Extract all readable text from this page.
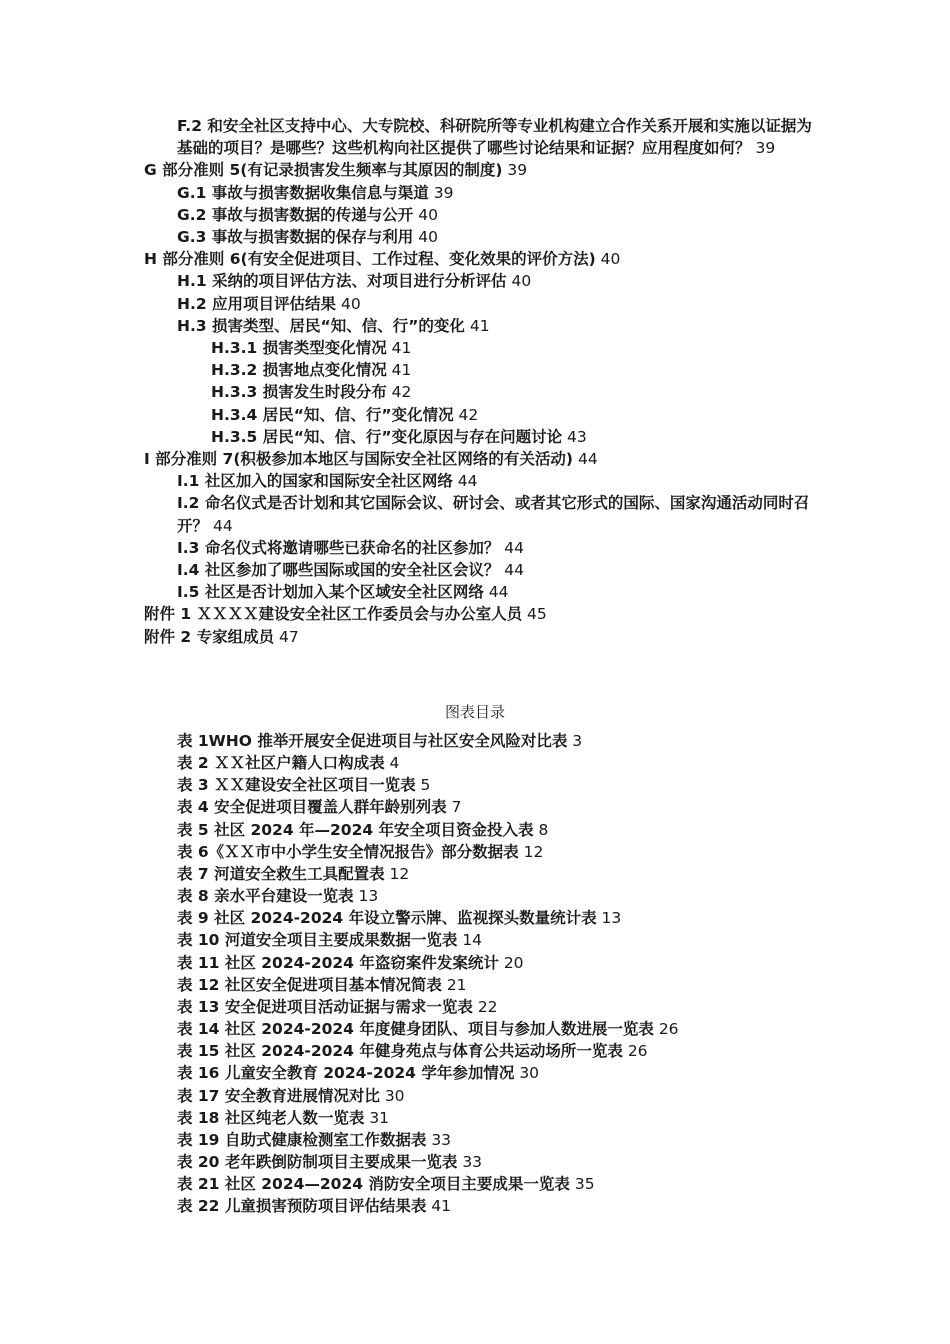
F.2 和安全社区支持中心、大专院校、科研院所等专业机构建立合作关系开展和实施以证据为基础的项目？是哪些？这些机构向社区提供了哪些讨论结果和证据？应用程度如何？ 39
G 部分准则 5(有记录损害发生频率与其原因的制度) 39
G.1 事故与损害数据收集信息与渠道 39
G.2 事故与损害数据的传递与公开 40
G.3 事故与损害数据的保存与利用 40
H 部分准则 6(有安全促进项目、工作过程、变化效果的评价方法) 40
H.1 采纳的项目评估方法、对项目进行分析评估 40
H.2 应用项目评估结果 40
H.3 损害类型、居民“知、信、行”的变化 41
H.3.1 损害类型变化情况 41
H.3.2 损害地点变化情况 41
H.3.3 损害发生时段分布 42
H.3.4 居民“知、信、行”变化情况 42
H.3.5 居民“知、信、行”变化原因与存在问题讨论 43
I 部分准则 7(积极参加本地区与国际安全社区网络的有关活动) 44
I.1 社区加入的国家和国际安全社区网络 44
I.2 命名仪式是否计划和其它国际会议、研讨会、或者其它形式的国际、国家沟通活动同时召开？ 44
I.3 命名仪式将邀请哪些已获命名的社区参加？ 44
I.4 社区参加了哪些国际或国的安全社区会议？ 44
I.5 社区是否计划加入某个区域安全社区网络 44
附件 1 ＸＸＸＸ建设安全社区工作委员会与办公室人员 45
附件 2 专家组成员 47
图表目录
表 1WHO 推举开展安全促进项目与社区安全风险对比表 3
表 2 ＸＸ社区户籍人口构成表 4
表 3 ＸＸ建设安全社区项目一览表 5
表 4 安全促进项目覆盖人群年龄别列表 7
表 5 社区 2024 年—2024 年安全项目资金投入表 8
表 6《ＸＸ市中小学生安全情况报告》部分数据表 12
表 7 河道安全救生工具配置表 12
表 8 亲水平台建设一览表 13
表 9 社区 2024-2024 年设立警示牌、监视探头数量统计表 13
表 10 河道安全项目主要成果数据一览表 14
表 11 社区 2024-2024 年盗窃案件发案统计 20
表 12 社区安全促进项目基本情况简表 21
表 13 安全促进项目活动证据与需求一览表 22
表 14 社区 2024-2024 年度健身团队、项目与参加人数进展一览表 26
表 15 社区 2024-2024 年健身苑点与体育公共运动场所一览表 26
表 16 儿童安全教育 2024-2024 学年参加情况 30
表 17 安全教育进展情况对比 30
表 18 社区纯老人数一览表 31
表 19 自助式健康检测室工作数据表 33
表 20 老年跌倒防制项目主要成果一览表 33
表 21 社区 2024—2024 消防安全项目主要成果一览表 35
表 22 儿童损害预防项目评估结果表 41
